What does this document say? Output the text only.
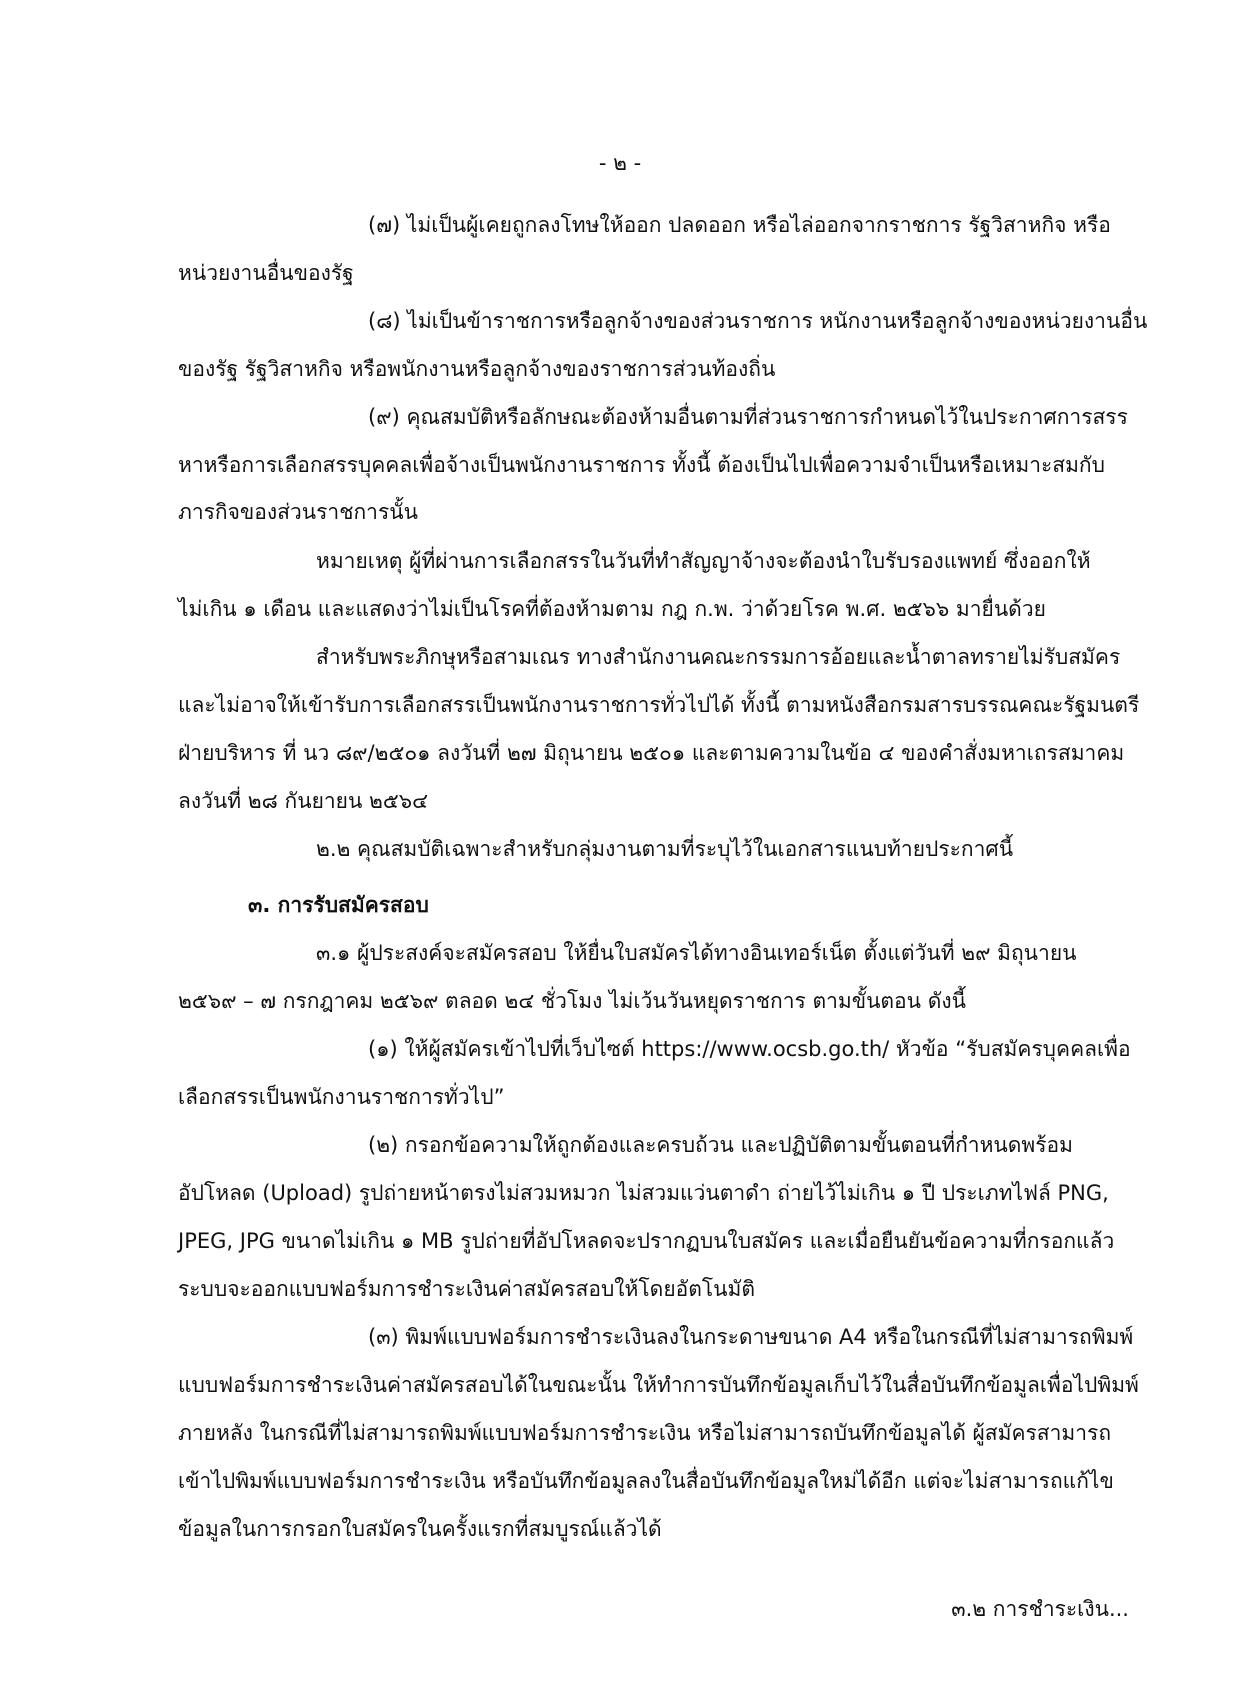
- ๒ -
(๗) ไม่เป็นผู้เคยถูกลงโทษให้ออก ปลดออก หรือไล่ออกจากราชการ รัฐวิสาหกิจ หรือ
หน่วยงานอื่นของรัฐ
(๘) ไม่เป็นข้าราชการหรือลูกจ้างของส่วนราชการ หนักงานหรือลูกจ้างของหน่วยงานอื่น
ของรัฐ รัฐวิสาหกิจ หรือพนักงานหรือลูกจ้างของราชการส่วนท้องถิ่น
(๙) คุณสมบัติหรือลักษณะต้องห้ามอื่นตามที่ส่วนราชการกำหนดไว้ในประกาศการสรร
หาหรือการเลือกสรรบุคคลเพื่อจ้างเป็นพนักงานราชการ ทั้งนี้ ต้องเป็นไปเพื่อความจำเป็นหรือเหมาะสมกับ
ภารกิจของส่วนราชการนั้น
หมายเหตุ ผู้ที่ผ่านการเลือกสรรในวันที่ทำสัญญาจ้างจะต้องนำใบรับรองแพทย์ ซึ่งออกให้
ไม่เกิน ๑ เดือน และแสดงว่าไม่เป็นโรคที่ต้องห้ามตาม กฎ ก.พ. ว่าด้วยโรค พ.ศ. ๒๕๖๖ มายื่นด้วย
สำหรับพระภิกษุหรือสามเณร ทางสำนักงานคณะกรรมการอ้อยและน้ำตาลทรายไม่รับสมัคร
และไม่อาจให้เข้ารับการเลือกสรรเป็นพนักงานราชการทั่วไปได้ ทั้งนี้ ตามหนังสือกรมสารบรรณคณะรัฐมนตรี
ฝ่ายบริหาร ที่ นว ๘๙/๒๕๐๑ ลงวันที่ ๒๗ มิถุนายน ๒๕๐๑ และตามความในข้อ ๔ ของคำสั่งมหาเถรสมาคม
ลงวันที่ ๒๘ กันยายน ๒๕๖๔
๒.๒ คุณสมบัติเฉพาะสำหรับกลุ่มงานตามที่ระบุไว้ในเอกสารแนบท้ายประกาศนี้
๓. การรับสมัครสอบ
๓.๑ ผู้ประสงค์จะสมัครสอบ ให้ยื่นใบสมัครได้ทางอินเทอร์เน็ต ตั้งแต่วันที่ ๒๙ มิถุนายน
๒๕๖๙ – ๗ กรกฎาคม ๒๕๖๙ ตลอด ๒๔ ชั่วโมง ไม่เว้นวันหยุดราชการ ตามขั้นตอน ดังนี้
(๑) ให้ผู้สมัครเข้าไปที่เว็บไซต์ https://www.ocsb.go.th/ หัวข้อ “รับสมัครบุคคลเพื่อ
เลือกสรรเป็นพนักงานราชการทั่วไป”
(๒) กรอกข้อความให้ถูกต้องและครบถ้วน และปฏิบัติตามขั้นตอนที่กำหนดพร้อม
อัปโหลด (Upload) รูปถ่ายหน้าตรงไม่สวมหมวก ไม่สวมแว่นตาดำ ถ่ายไว้ไม่เกิน ๑ ปี ประเภทไฟล์ PNG,
JPEG, JPG ขนาดไม่เกิน ๑ MB รูปถ่ายที่อัปโหลดจะปรากฏบนใบสมัคร และเมื่อยืนยันข้อความที่กรอกแล้ว
ระบบจะออกแบบฟอร์มการชำระเงินค่าสมัครสอบให้โดยอัตโนมัติ
(๓) พิมพ์แบบฟอร์มการชำระเงินลงในกระดาษขนาด A4 หรือในกรณีที่ไม่สามารถพิมพ์
แบบฟอร์มการชำระเงินค่าสมัครสอบได้ในขณะนั้น ให้ทำการบันทึกข้อมูลเก็บไว้ในสื่อบันทึกข้อมูลเพื่อไปพิมพ์
ภายหลัง ในกรณีที่ไม่สามารถพิมพ์แบบฟอร์มการชำระเงิน หรือไม่สามารถบันทึกข้อมูลได้ ผู้สมัครสามารถ
เข้าไปพิมพ์แบบฟอร์มการชำระเงิน หรือบันทึกข้อมูลลงในสื่อบันทึกข้อมูลใหม่ได้อีก แต่จะไม่สามารถแก้ไข
ข้อมูลในการกรอกใบสมัครในครั้งแรกที่สมบูรณ์แล้วได้
๓.๒ การชำระเงิน...
